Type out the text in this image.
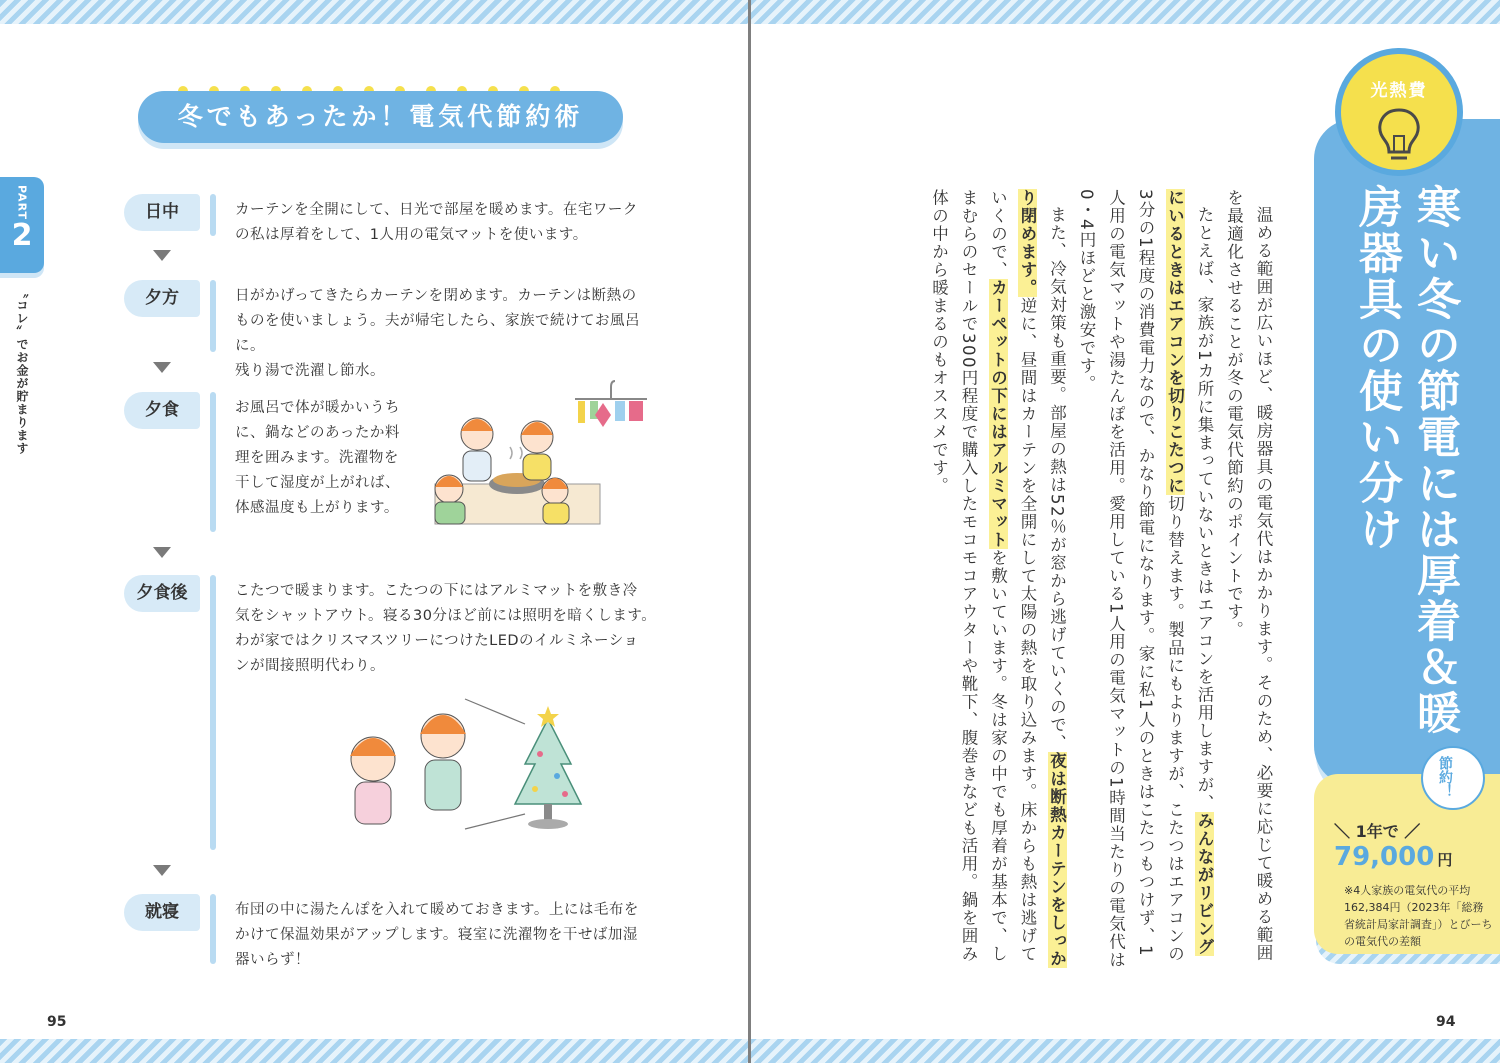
PART
2
〝コレ〟でお金が貯まります
冬でもあったか！電気代節約術
日中	カーテンを全開にして、日光で部屋を暖めます。在宅ワーク
の私は厚着をして、1人用の電気マットを使います。
夕方	日がかげってきたらカーテンを閉めます。カーテンは断熱の
ものを使いましょう。夫が帰宅したら、家族で続けてお風呂に。
残り湯で洗濯し節水。
夕食	お風呂で体が暖かいうち
に、鍋などのあったか料
理を囲みます。洗濯物を
干して湿度が上がれば、
体感温度も上がります。
夕食後	こたつで暖まります。こたつの下にはアルミマットを敷き冷
気をシャットアウト。寝る30分ほど前には照明を暗くします。
わが家ではクリスマスツリーにつけたLEDのイルミネーショ
ンが間接照明代わり。
就寝	布団の中に湯たんぽを入れて暖めておきます。上には毛布を
かけて保温効果がアップします。寝室に洗濯物を干せば加湿
器いらず！
95
寒い冬の節電には厚着＆暖房器具の使い分け
光熱費
節約！
＼ 1年で ／
79,000 円
※4人家族の電気代の平均162,384円（2023年「総務省統計局家計調査」）とびーちの電気代の差額

温める範囲が広いほど、暖房器具の電気代はかかります。そのため、必要に応じて暖める範囲を最適化させることが冬の電気代節約のポイントです。

たとえば、家族が1カ所に集まっていないときはエアコンを活用しますが、みんながリビングにいるときはエアコンを切りこたつに切り替えます。製品にもよりますが、こたつはエアコンの3分の1程度の消費電力なので、かなり節電になります。家に私1人のときはこたつもつけず、1人用の電気マットや湯たんぽを活用。愛用している1人用の電気マットの1時間当たりの電気代は0・4円ほどと激安です。

また、冷気対策も重要。部屋の熱は52％が窓から逃げていくので、夜は断熱カーテンをしっかり閉めます。逆に、昼間はカーテンを全開にして太陽の熱を取り込みます。床からも熱は逃げていくので、カーペットの下にはアルミマットを敷いています。冬は家の中でも厚着が基本で、しまむらのセールで300円程度で購入したモコモコアウターや靴下、腹巻きなども活用。鍋を囲み体の中から暖まるのもオススメです。

94
